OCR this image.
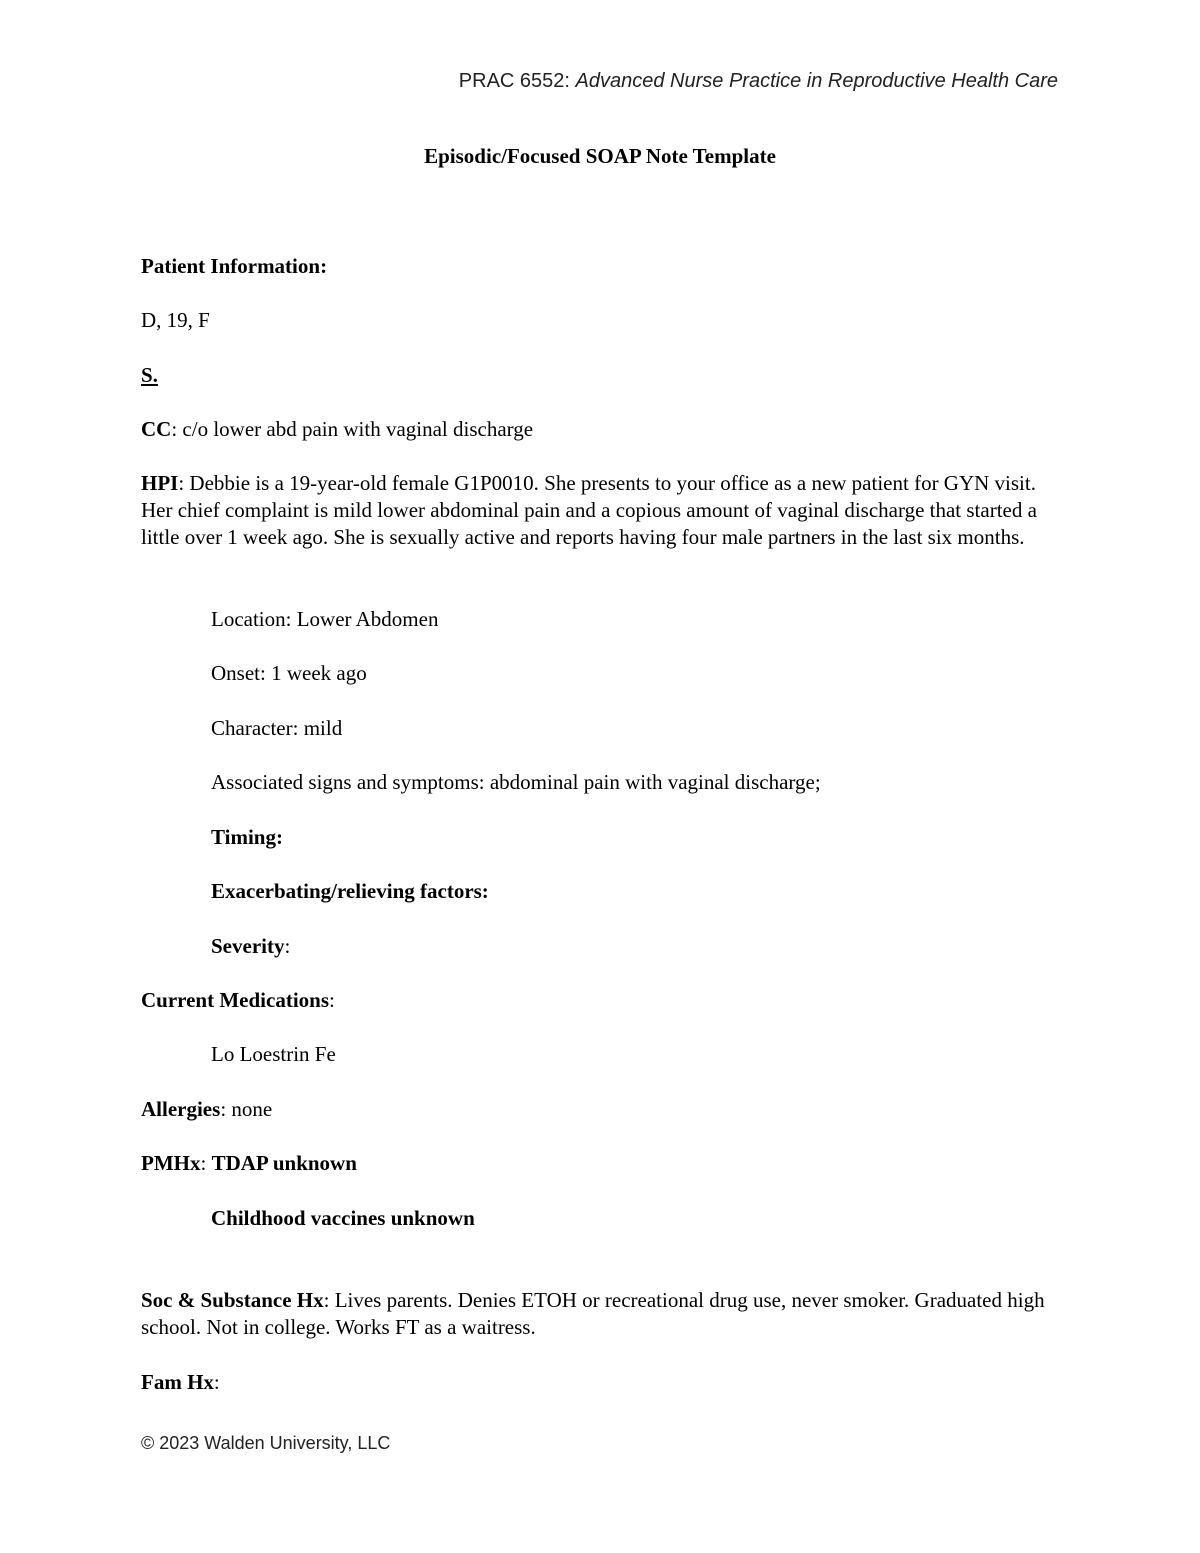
PRAC 6552: Advanced Nurse Practice in Reproductive Health Care
Episodic/Focused SOAP Note Template

Patient Information:

D, 19, F

S.

CC: c/o lower abd pain with vaginal discharge

HPI: Debbie is a 19-year-old female G1P0010. She presents to your office as a new patient for GYN visit. Her chief complaint is mild lower abdominal pain and a copious amount of vaginal discharge that started a little over 1 week ago. She is sexually active and reports having four male partners in the last six months.

Location: Lower Abdomen

Onset: 1 week ago

Character: mild

Associated signs and symptoms: abdominal pain with vaginal discharge;

Timing:

Exacerbating/relieving factors:

Severity:

Current Medications:

Lo Loestrin Fe

Allergies: none

PMHx: TDAP unknown

Childhood vaccines unknown

Soc & Substance Hx: Lives parents. Denies ETOH or recreational drug use, never smoker. Graduated high school. Not in college. Works FT as a waitress.

Fam Hx:

© 2023 Walden University, LLC
